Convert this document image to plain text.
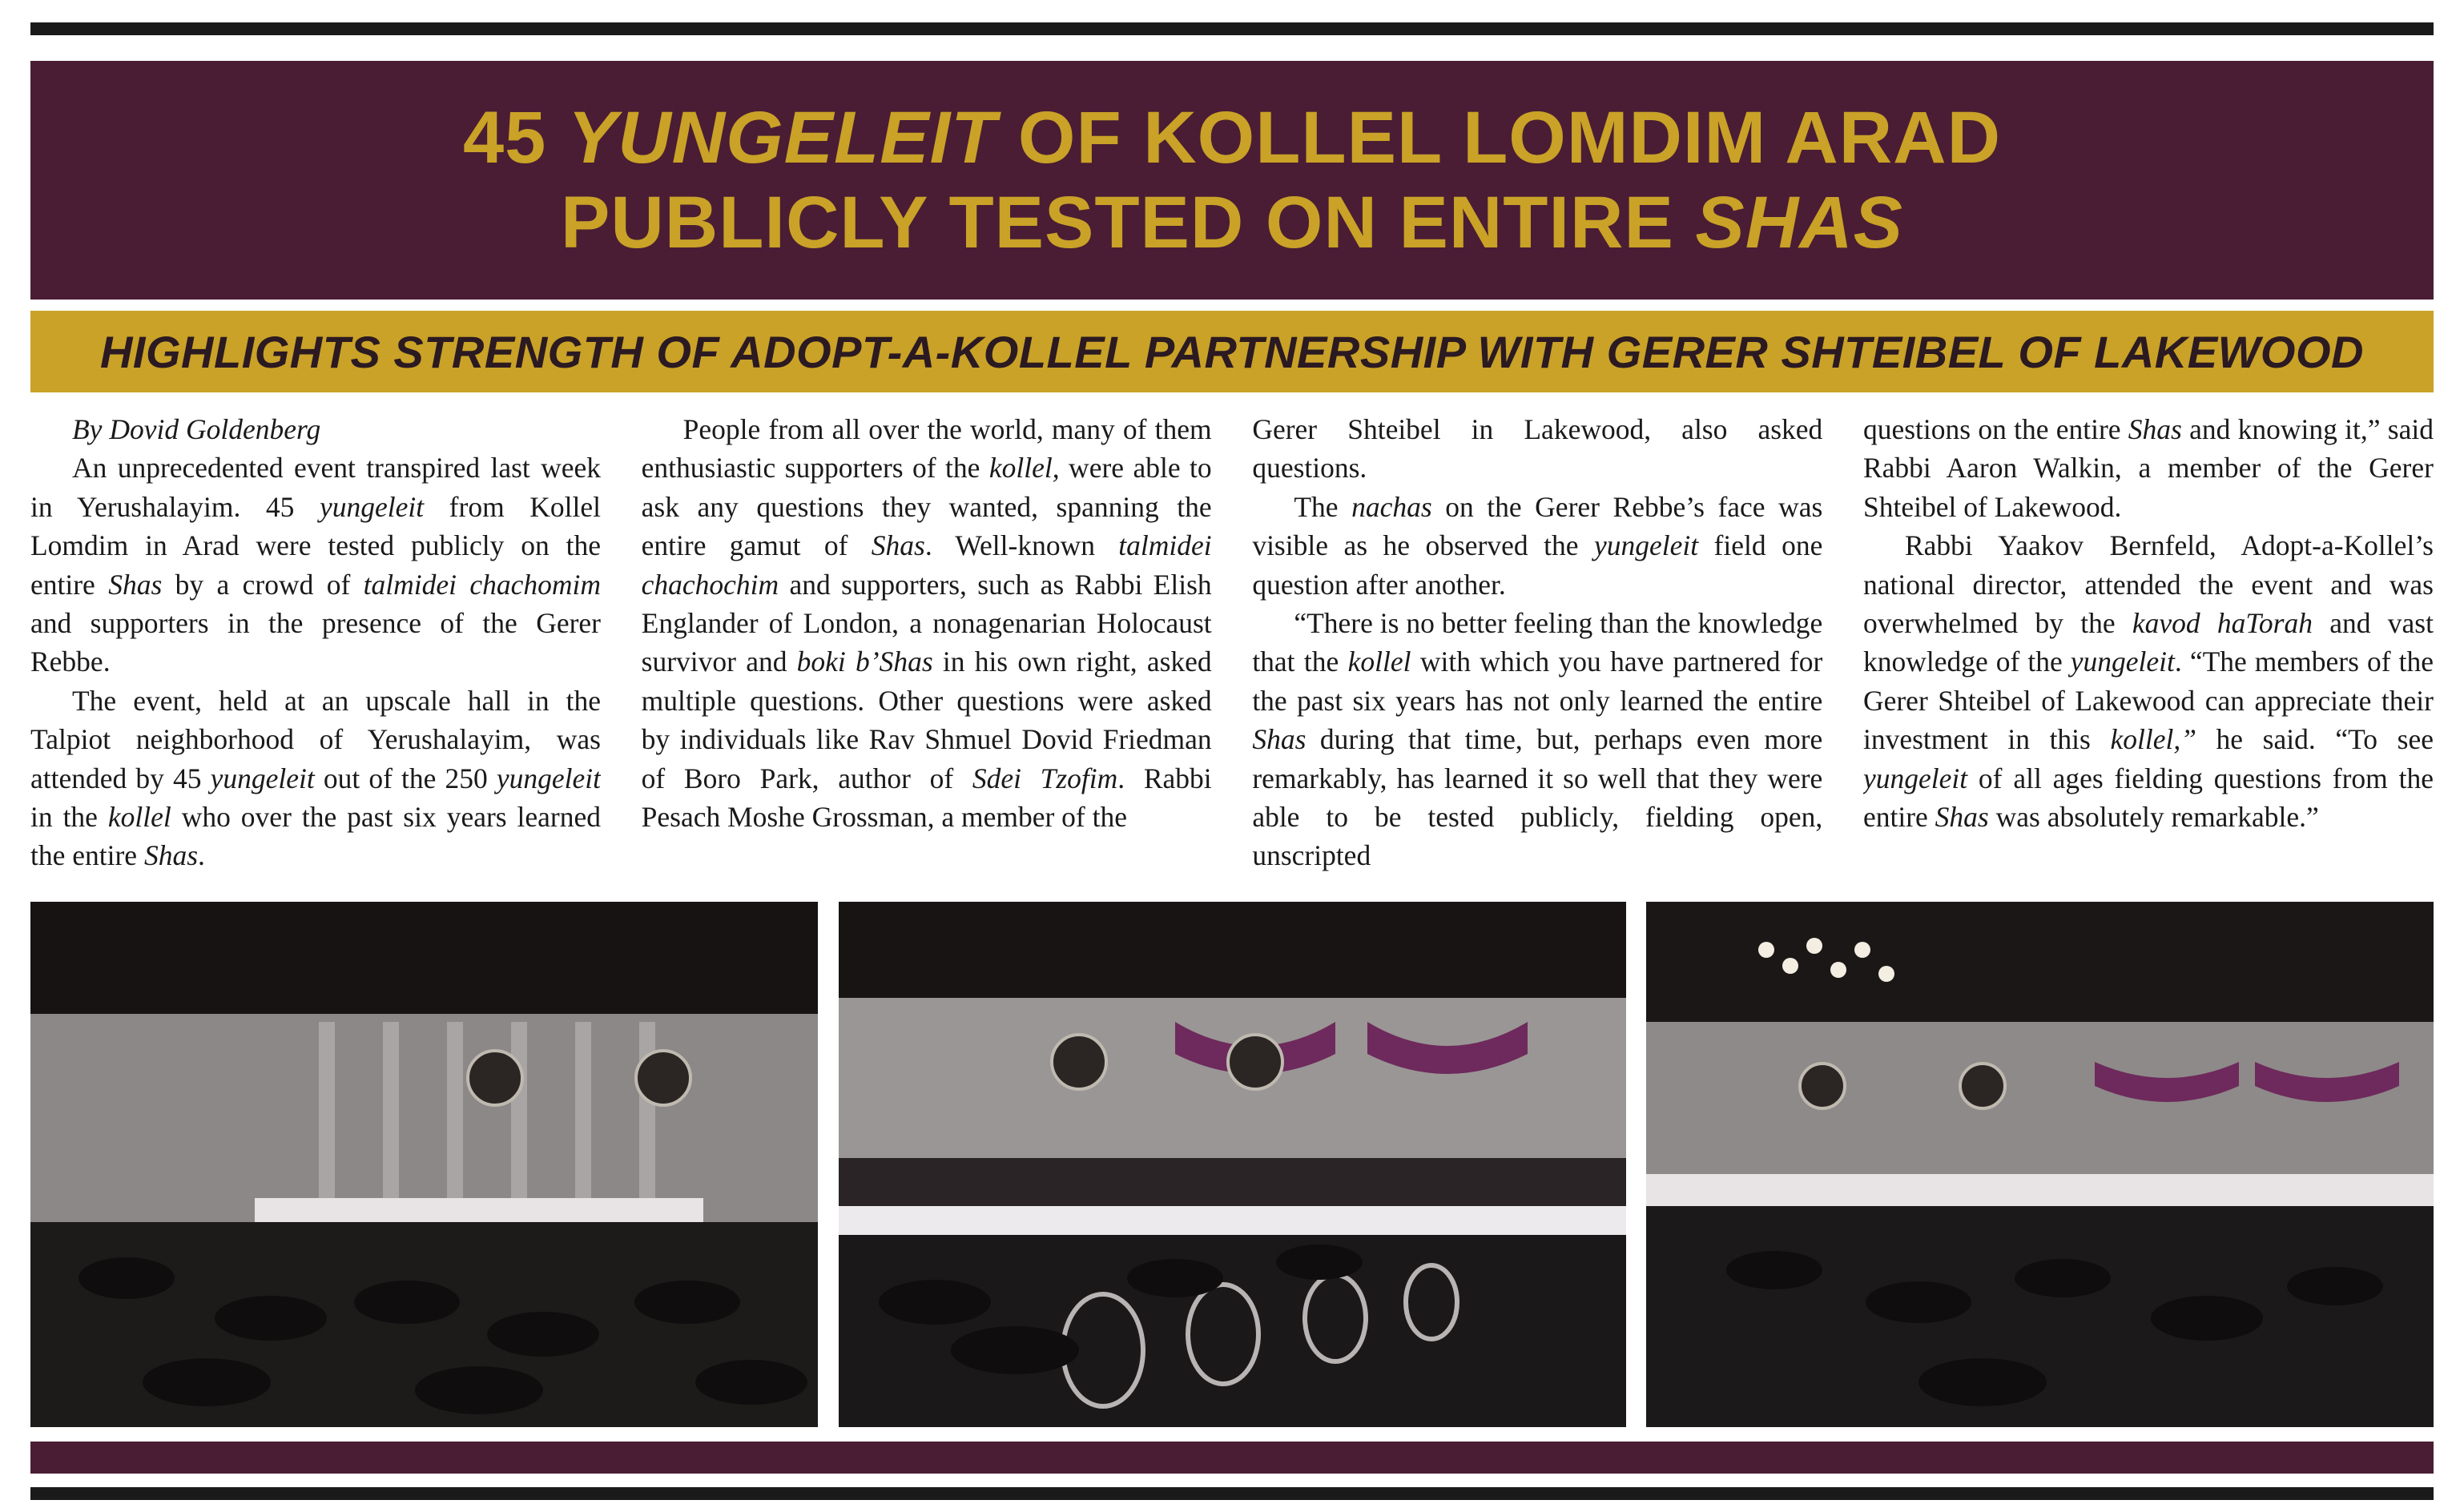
45 YUNGELEIT OF KOLLEL LOMDIM ARAD
PUBLICLY TESTED ON ENTIRE SHAS
HIGHLIGHTS STRENGTH OF ADOPT-A-KOLLEL PARTNERSHIP WITH GERER SHTEIBEL OF LAKEWOOD

By Dovid Goldenberg

An unprecedented event transpired last week in Yerushalayim. 45 yungeleit from Kollel Lomdim in Arad were tested publicly on the entire Shas by a crowd of talmidei chachomim and supporters in the presence of the Gerer Rebbe.

The event, held at an upscale hall in the Talpiot neighborhood of Yerushalayim, was attended by 45 yungeleit out of the 250 yungeleit in the kollel who over the past six years learned the entire Shas.

People from all over the world, many of them enthusiastic supporters of the kollel, were able to ask any questions they wanted, spanning the entire gamut of Shas. Well-known talmidei chachochim and supporters, such as Rabbi Elish Englander of London, a nonagenarian Holocaust survivor and boki b’Shas in his own right, asked multiple questions. Other questions were asked by individuals like Rav Shmuel Dovid Friedman of Boro Park, author of Sdei Tzofim. Rabbi Pesach Moshe Grossman, a member of the

Gerer Shteibel in Lakewood, also asked questions.

The nachas on the Gerer Rebbe’s face was visible as he observed the yungeleit field one question after another.

“There is no better feeling than the knowledge that the kollel with which you have partnered for the past six years has not only learned the entire Shas during that time, but, perhaps even more remarkably, has learned it so well that they were able to be tested publicly, fielding open, unscripted

questions on the entire Shas and knowing it,” said Rabbi Aaron Walkin, a member of the Gerer Shteibel of Lakewood.

Rabbi Yaakov Bernfeld, Adopt-a-Kollel’s national director, attended the event and was overwhelmed by the kavod haTorah and vast knowledge of the yungeleit. “The members of the Gerer Shteibel of Lakewood can appreciate their investment in this kollel,” he said. “To see yungeleit of all ages fielding questions from the entire Shas was absolutely remarkable.”
